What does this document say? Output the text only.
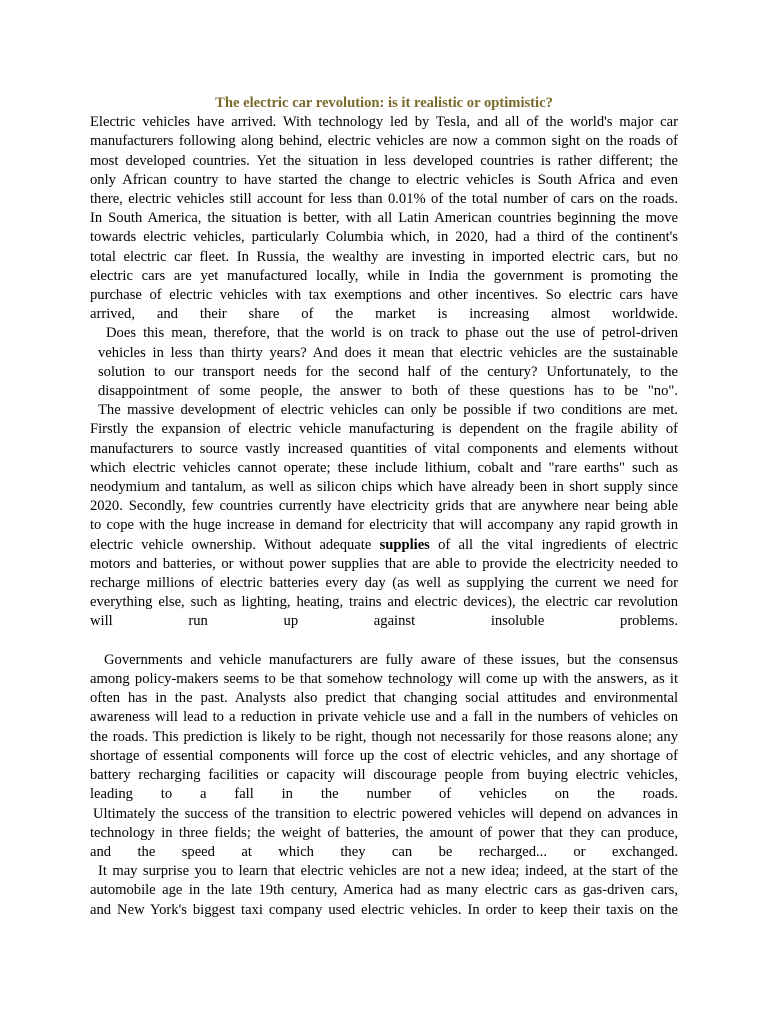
The electric car revolution: is it realistic or optimistic?

Electric vehicles have arrived. With technology led by Tesla, and all of the world's major car
manufacturers following along behind, electric vehicles are now a common sight on the roads of
most developed countries. Yet the situation in less developed countries is rather different; the
only African country to have started the change to electric vehicles is South Africa and even
there, electric vehicles still account for less than 0.01% of the total number of cars on the roads.
In South America, the situation is better, with all Latin American countries beginning the move
towards electric vehicles, particularly Columbia which, in 2020, had a third of the continent's
total electric car fleet. In Russia, the wealthy are investing in imported electric cars, but no
electric cars are yet manufactured locally, while in India the government is promoting the
purchase of electric vehicles with tax exemptions and other incentives. So electric cars have
arrived, and their share of the market is increasing almost worldwide.
Does this mean, therefore, that the world is on track to phase out the use of petrol-driven
vehicles in less than thirty years? And does it mean that electric vehicles are the sustainable
solution to our transport needs for the second half of the century? Unfortunately, to the
disappointment of some people, the answer to both of these questions has to be "no".
The massive development of electric vehicles can only be possible if two conditions are met.
Firstly the expansion of electric vehicle manufacturing is dependent on the fragile ability of
manufacturers to source vastly increased quantities of vital components and elements without
which electric vehicles cannot operate; these include lithium, cobalt and "rare earths" such as
neodymium and tantalum, as well as silicon chips which have already been in short supply since
2020. Secondly, few countries currently have electricity grids that are anywhere near being able
to cope with the huge increase in demand for electricity that will accompany any rapid growth in
electric vehicle ownership. Without adequate supplies of all the vital ingredients of electric
motors and batteries, or without power supplies that are able to provide the electricity needed to
recharge millions of electric batteries every day (as well as supplying the current we need for
everything else, such as lighting, heating, trains and electric devices), the electric car revolution
will run up against insoluble problems.
Governments and vehicle manufacturers are fully aware of these issues, but the consensus
among policy-makers seems to be that somehow technology will come up with the answers, as it
often has in the past. Analysts also predict that changing social attitudes and environmental
awareness will lead to a reduction in private vehicle use and a fall in the numbers of vehicles on
the roads. This prediction is likely to be right, though not necessarily for those reasons alone; any
shortage of essential components will force up the cost of electric vehicles, and any shortage of
battery recharging facilities or capacity will discourage people from buying electric vehicles,
leading to a fall in the number of vehicles on the roads.
Ultimately the success of the transition to electric powered vehicles will depend on advances in
technology in three fields; the weight of batteries, the amount of power that they can produce,
and the speed at which they can be recharged... or exchanged.
It may surprise you to learn that electric vehicles are not a new idea; indeed, at the start of the
automobile age in the late 19th century, America had as many electric cars as gas-driven cars,
and New York's biggest taxi company used electric vehicles. In order to keep their taxis on the
